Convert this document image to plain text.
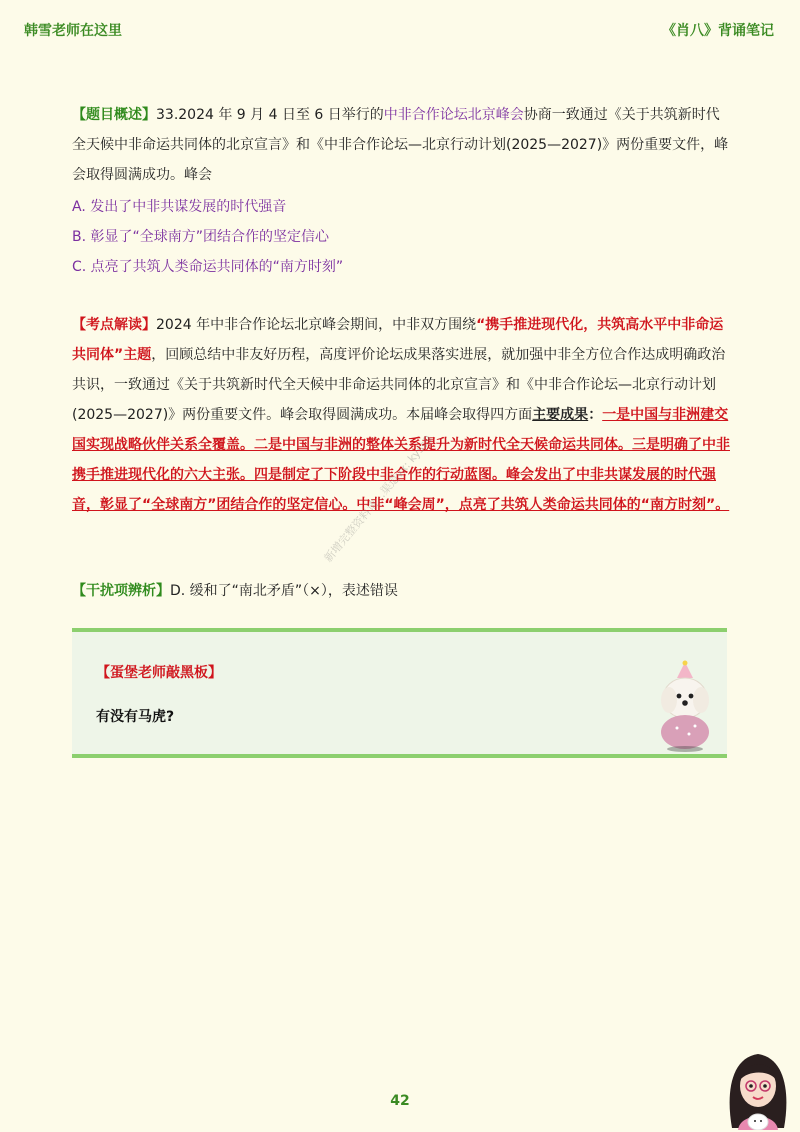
韩雪老师在这里	《肖八》背诵笔记
【题目概述】33.2024 年 9 月 4 日至 6 日举行的中非合作论坛北京峰会协商一致通过《关于共筑新时代全天候中非命运共同体的北京宣言》和《中非合作论坛—北京行动计划(2025—2027)》两份重要文件，峰会取得圆满成功。峰会
A. 发出了中非共谋发展的时代强音
B. 彰显了“全球南方”团结合作的坚定信心
C. 点亮了共筑人类命运共同体的“南方时刻”
【考点解读】2024 年中非合作论坛北京峰会期间，中非双方围绕“携手推进现代化，共筑高水平中非命运共同体”主题，回顾总结中非友好历程，高度评价论坛成果落实进展，就加强中非全方位合作达成明确政治共识，一致通过《关于共筑新时代全天候中非命运共同体的北京宣言》和《中非合作论坛—北京行动计划(2025—2027)》两份重要文件。峰会取得圆满成功。本届峰会取得四方面主要成果：一是中国与非洲建交国实现战略伙伴关系全覆盖。二是中国与非洲的整体关系提升为新时代全天候命运共同体。三是明确了中非携手推进现代化的六大主张。四是制定了下阶段中非合作的行动蓝图。峰会发出了中非共谋发展的时代强音，彰显了“全球南方”团结合作的坚定信心。中非“峰会周”，点亮了共筑人类命运共同体的“南方时刻”。
【干扰项辨析】D. 缓和了“南北矛盾”（×），表述错误
【蛋堡老师敲黑板】
有没有马虎?
新增完整资料请…渠道vx: kyss9
42
